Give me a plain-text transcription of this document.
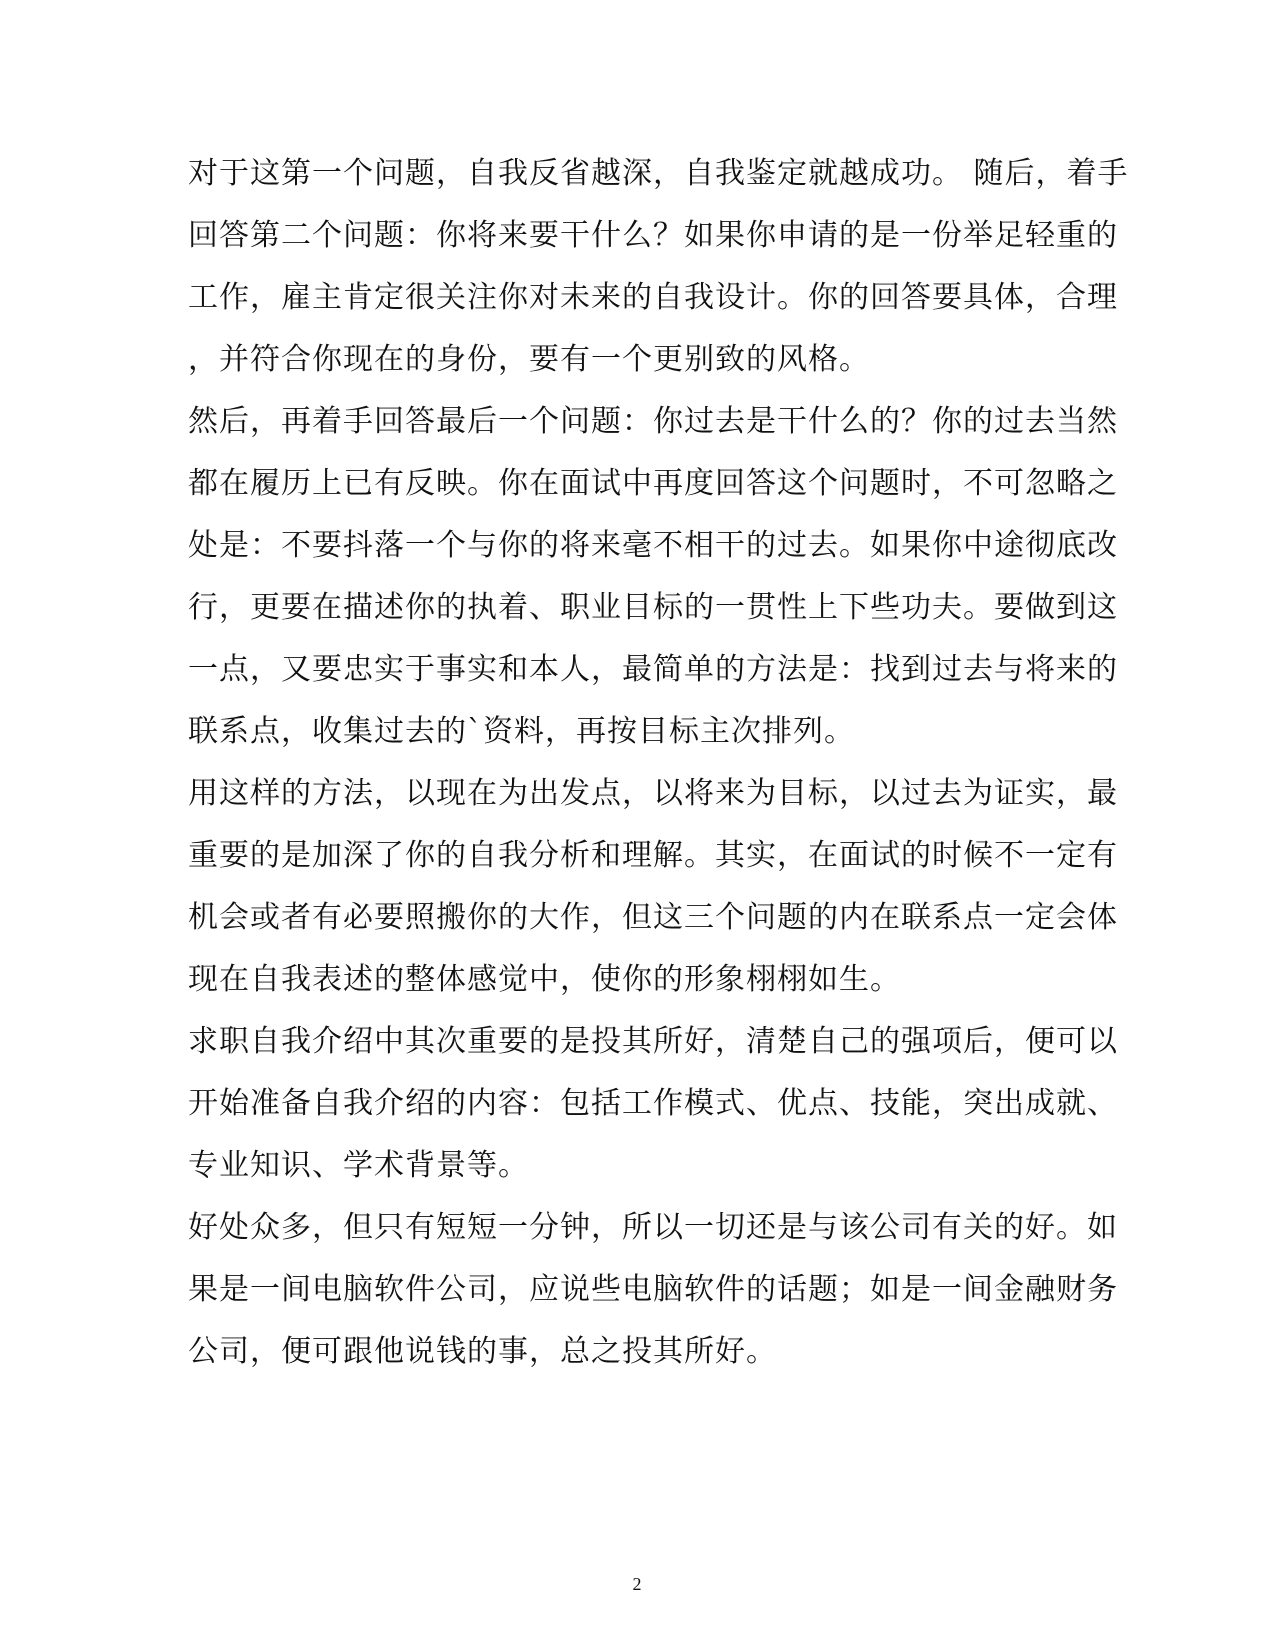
对于这第一个问题，自我反省越深，自我鉴定就越成功。 随后，着手
回答第二个问题：你将来要干什么？如果你申请的是一份举足轻重的
工作，雇主肯定很关注你对未来的自我设计。你的回答要具体，合理
，并符合你现在的身份，要有一个更别致的风格。
然后，再着手回答最后一个问题：你过去是干什么的？你的过去当然
都在履历上已有反映。你在面试中再度回答这个问题时，不可忽略之
处是：不要抖落一个与你的将来毫不相干的过去。如果你中途彻底改
行，更要在描述你的执着、职业目标的一贯性上下些功夫。要做到这
一点，又要忠实于事实和本人，最简单的方法是：找到过去与将来的
联系点，收集过去的`资料，再按目标主次排列。
用这样的方法，以现在为出发点，以将来为目标，以过去为证实，最
重要的是加深了你的自我分析和理解。其实，在面试的时候不一定有
机会或者有必要照搬你的大作，但这三个问题的内在联系点一定会体
现在自我表述的整体感觉中，使你的形象栩栩如生。
求职自我介绍中其次重要的是投其所好，清楚自己的强项后，便可以
开始准备自我介绍的内容：包括工作模式、优点、技能，突出成就、
专业知识、学术背景等。
好处众多，但只有短短一分钟，所以一切还是与该公司有关的好。如
果是一间电脑软件公司，应说些电脑软件的话题；如是一间金融财务
公司，便可跟他说钱的事，总之投其所好。
2
